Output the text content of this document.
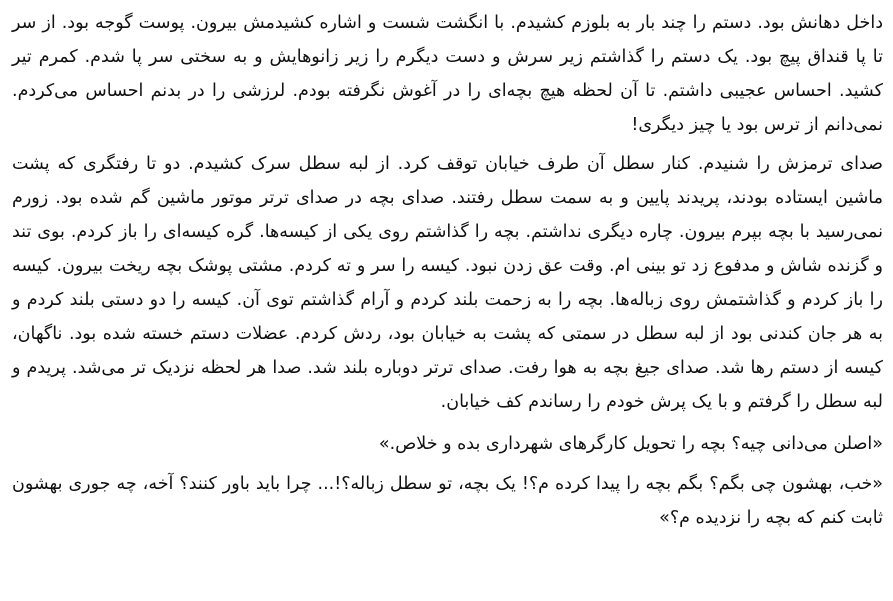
داخل دهانش بود. دستم را چند بار به بلوزم کشیدم. با انگشت شست و اشاره کشیدمش بیرون. پوست گوجه بود. از سر تا پا قنداق پیچ بود. یک دستم را گذاشتم زیر سرش و دست دیگرم را زیر زانوهایش و به سختی سر پا شدم. کمرم تیر کشید. احساس عجیبی داشتم. تا آن لحظه هیچ بچه‌ای را در آغوش نگرفته بودم. لرزشی را در بدنم احساس می‌کردم. نمی‌دانم از ترس بود یا چیز دیگری!

صدای ترمزش را شنیدم. کنار سطل آن طرف خیابان توقف کرد. از لبه سطل سرک کشیدم. دو تا رفتگری که پشت ماشین ایستاده بودند، پریدند پایین و به سمت سطل رفتند. صدای بچه در صدای ترتر موتور ماشین گم شده بود. زورم نمی‌رسید با بچه بپرم بیرون. چاره دیگری نداشتم. بچه را گذاشتم روی یکی از کیسه‌ها. گره کیسه‌ای را باز کردم. بوی تند و گزنده شاش و مدفوع زد تو بینی ام. وقت عق زدن نبود. کیسه را سر و ته کردم. مشتی پوشک بچه ریخت بیرون. کیسه را باز کردم و گذاشتمش روی زباله‌ها. بچه را به زحمت بلند کردم و آرام گذاشتم توی آن. کیسه را دو دستی بلند کردم و به هر جان کندنی بود از لبه سطل در سمتی که پشت به خیابان بود، ردش کردم. عضلات دستم خسته شده بود. ناگهان، کیسه از دستم رها شد. صدای جیغ بچه به هوا رفت. صدای ترتر دوباره بلند شد. صدا هر لحظه نزدیک تر می‌شد. پریدم و لبه سطل را گرفتم و با یک پرش خودم را رساندم کف خیابان.

«اصلن می‌دانی چیه؟ بچه را تحویل کارگرهای شهرداری بده و خلاص.»

«خب، بهشون چی بگم؟ بگم بچه را پیدا کرده م؟! یک بچه، تو سطل زباله؟!... چرا باید باور کنند؟ آخه، چه جوری بهشون ثابت کنم که بچه را نزدیده م؟»
